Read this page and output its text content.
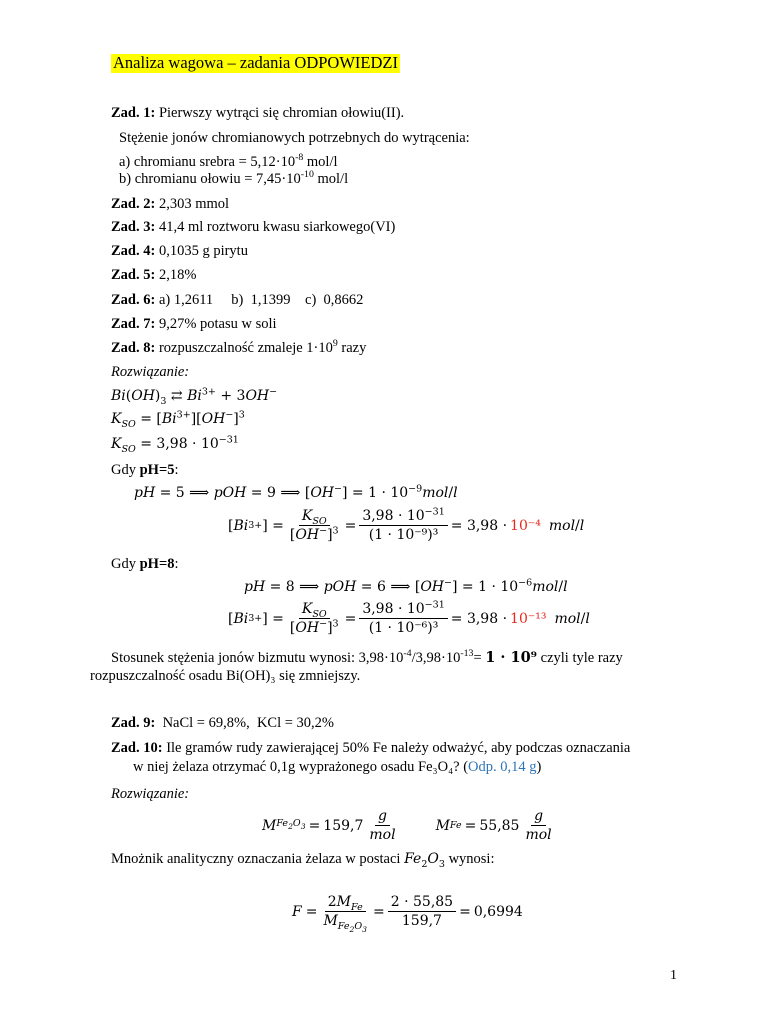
Analiza wagowa – zadania ODPOWIEDZI
Zad. 1: Pierwszy wytrąci się chromian ołowiu(II).
Stężenie jonów chromianowych potrzebnych do wytrącenia:
a) chromianu srebra = $5,12\cdot 10^{-8}$ mol/l
b) chromianu ołowiu = $7,45\cdot 10^{-10}$ mol/l
Zad. 2: 2,303 mmol
Zad. 3: 41,4 ml roztworu kwasu siarkowego(VI)
Zad. 4: 0,1035 g pirytu
Zad. 5: 2,18%
Zad. 6: a) 1,2611     b)  1,1399    c)  0,8662
Zad. 7: 9,27% potasu w soli
Zad. 8: rozpuszczalność zmaleje $1\cdot 10^9$ razy
Rozwiązanie:
$Bi(OH)_3$ ⇄ $Bi^{3+} + 3OH^-$
$K_{SO} = [Bi^{3+}][OH^-]^3$
$K_{SO} = 3,98 \cdot 10^{-31}$
Gdy pH=5:
pH = 5 ⟹ pOH = 9 ⟹ $[OH^-] = 1 \cdot 10^{-9}mol/l$
[ Bi 3+ ] = $\frac{K_{SO}}{[OH^-]^3} = \frac{3,98 \cdot 10^{-31}}{\text{(1 · 10⁻⁹)³}} = 3,98 \cdot 10^{-4}$ mol / l
Gdy pH=8:
pH = 8 ⟹ pOH = 6 ⟹ $[OH^-] = 1 \cdot 10^{-6}mol/l$
[ Bi 3+ ] = $\frac{K_{SO}}{[OH^-]^3} = \frac{3,98 \cdot 10^{-31}}{\text{(1 · 10⁻⁶)³}} = 3,98 \cdot 10^{-13}$ mol / l
Stosunek stężenia jonów bizmutu wynosi: $3,98\cdot 10^{-4}/3,98\cdot 10^{-13}= 1 \cdot 10^9$ czyli tyle razy
rozpuszczalność osadu Bi(OH)₃ się zmniejszy.
Zad. 9:  NaCl = 69,8%,  KCl = 30,2%
Zad. 10: Ile gramów rudy zawierającej 50% Fe należy odważyć, aby podczas oznaczania
w niej żelaza otrzymać 0,1g wyprażonego osadu Fe₃O₄? (Odp. 0,14 g)
Rozwiązanie:
M $Fe_2O_3 = 159,7 \frac{g}{\text{mol}}$	M $Fe = 55,85 \frac{g}{\text{mol}}$
Mnożnik analityczny oznaczania żelaza w postaci $Fe_2O_3$ wynosi:
$F = \frac{2M_{Fe}}{M_{Fe_2O_3}} = \frac{2 \cdot 55,85}{159,7} = 0,6994$
1
